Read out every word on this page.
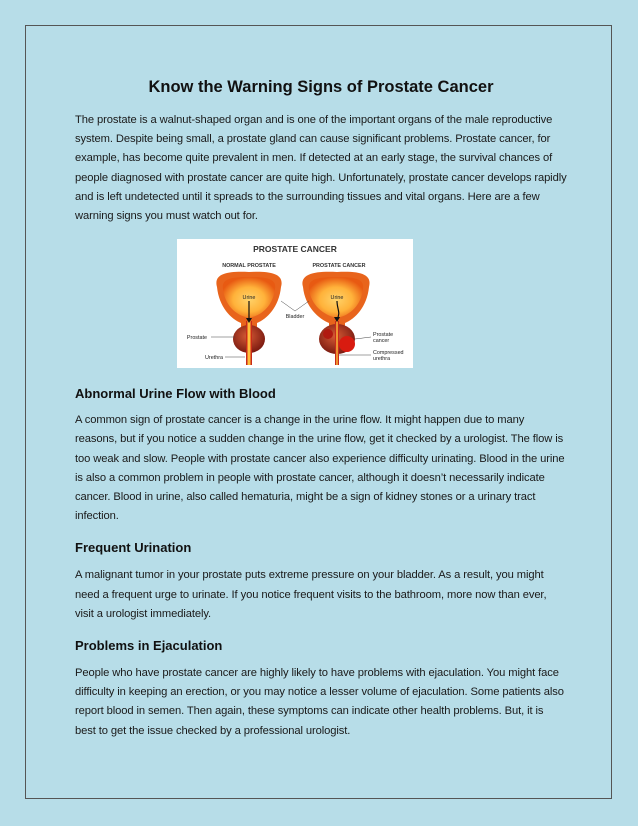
Know the Warning Signs of Prostate Cancer

The prostate is a walnut-shaped organ and is one of the important organs of the male reproductive system. Despite being small, a prostate gland can cause significant problems. Prostate cancer, for example, has become quite prevalent in men. If detected at an early stage, the survival chances of people diagnosed with prostate cancer are quite high. Unfortunately, prostate cancer develops rapidly and is left undetected until it spreads to the surrounding tissues and vital organs. Here are a few warning signs you must watch out for.

PROSTATE CANCER
NORMAL PROSTATE	PROSTATE CANCER
Urine	Urine
Bladder
Prostate
Urethra
Prostate
cancer
Compressed
urethra
Abnormal Urine Flow with Blood

A common sign of prostate cancer is a change in the urine flow. It might happen due to many reasons, but if you notice a sudden change in the urine flow, get it checked by a urologist. The flow is too weak and slow. People with prostate cancer also experience difficulty urinating. Blood in the urine is also a common problem in people with prostate cancer, although it doesn’t necessarily indicate cancer. Blood in urine, also called hematuria, might be a sign of kidney stones or a urinary tract infection.

Frequent Urination

A malignant tumor in your prostate puts extreme pressure on your bladder. As a result, you might need a frequent urge to urinate. If you notice frequent visits to the bathroom, more now than ever, visit a urologist immediately.

Problems in Ejaculation

People who have prostate cancer are highly likely to have problems with ejaculation. You might face difficulty in keeping an erection, or you may notice a lesser volume of ejaculation. Some patients also report blood in semen. Then again, these symptoms can indicate other health problems. But, it is best to get the issue checked by a professional urologist.
